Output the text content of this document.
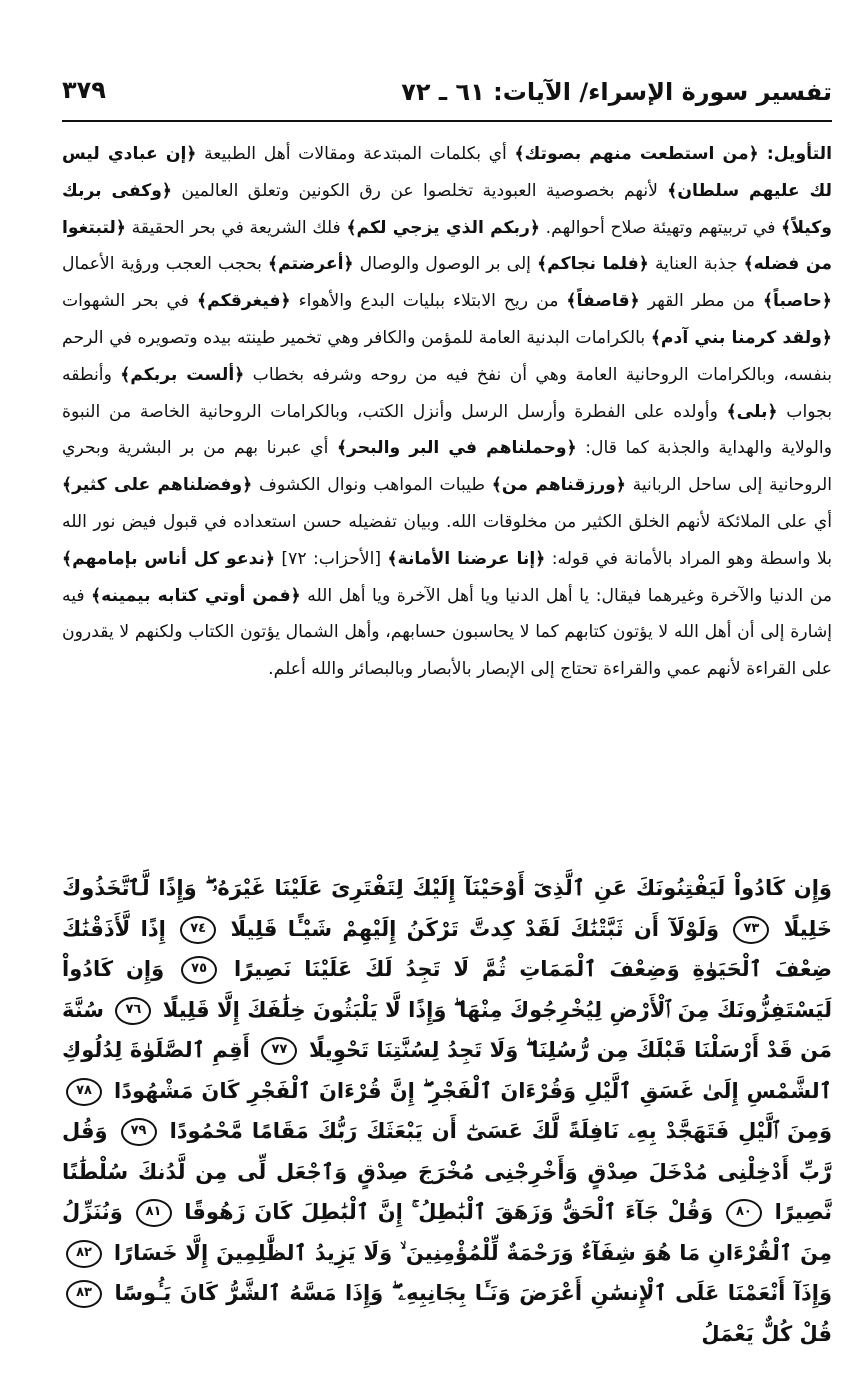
تفسير سورة الإسراء/ الآيات: ٦١ ـ ٧٢
٣٧٩

التأويل: ﴿من استطعت منهم بصوتك﴾ أي بكلمات المبتدعة ومقالات أهل الطبيعة ﴿إن عبادي ليس لك عليهم سلطان﴾ لأنهم بخصوصية العبودية تخلصوا عن رق الكونين وتعلق العالمين ﴿وكفى بربك وكيلاً﴾ في تربيتهم وتهيئة صلاح أحوالهم. ﴿ربكم الذي يزجي لكم﴾ فلك الشريعة في بحر الحقيقة ﴿لتبتغوا من فضله﴾ جذبة العناية ﴿فلما نجاكم﴾ إلى بر الوصول والوصال ﴿أعرضتم﴾ بحجب العجب ورؤية الأعمال ﴿حاصباً﴾ من مطر القهر ﴿قاصفاً﴾ من ريح الابتلاء ببليات البدع والأهواء ﴿فيغرقكم﴾ في بحر الشهوات ﴿ولقد كرمنا بني آدم﴾ بالكرامات البدنية العامة للمؤمن والكافر وهي تخمير طينته بيده وتصويره في الرحم بنفسه، وبالكرامات الروحانية العامة وهي أن نفخ فيه من روحه وشرفه بخطاب ﴿ألست بربكم﴾ وأنطقه بجواب ﴿بلى﴾ وأولده على الفطرة وأرسل الرسل وأنزل الكتب، وبالكرامات الروحانية الخاصة من النبوة والولاية والهداية والجذبة كما قال: ﴿وحملناهم في البر والبحر﴾ أي عبرنا بهم من بر البشرية وبحري الروحانية إلى ساحل الربانية ﴿ورزقناهم من﴾ طيبات المواهب ونوال الكشوف ﴿وفضلناهم على كثير﴾ أي على الملائكة لأنهم الخلق الكثير من مخلوقات الله. وبيان تفضيله حسن استعداده في قبول فيض نور الله بلا واسطة وهو المراد بالأمانة في قوله: ﴿إنا عرضنا الأمانة﴾ [الأحزاب: ٧٢] ﴿ندعو كل أناس بإمامهم﴾ من الدنيا والآخرة وغيرهما فيقال: يا أهل الدنيا ويا أهل الآخرة ويا أهل الله ﴿فمن أوتي كتابه بيمينه﴾ فيه إشارة إلى أن أهل الله لا يؤتون كتابهم كما لا يحاسبون حسابهم، وأهل الشمال يؤتون الكتاب ولكنهم لا يقدرون على القراءة لأنهم عمي والقراءة تحتاج إلى الإبصار بالأبصار وبالبصائر والله أعلم.

وَإِن كَادُواْ لَيَفْتِنُونَكَ عَنِ ٱلَّذِىٓ أَوْحَيْنَآ إِلَيْكَ لِتَفْتَرِىَ عَلَيْنَا غَيْرَهُۥ ۖ وَإِذًا لَّٱتَّخَذُوكَ خَلِيلًا ٧٣ وَلَوْلَآ أَن ثَبَّتْنَٰكَ لَقَدْ كِدتَّ تَرْكَنُ إِلَيْهِمْ شَيْـًٔا قَلِيلًا ٧٤ إِذًا لَّأَذَقْنَٰكَ ضِعْفَ ٱلْحَيَوٰةِ وَضِعْفَ ٱلْمَمَاتِ ثُمَّ لَا تَجِدُ لَكَ عَلَيْنَا نَصِيرًا ٧٥ وَإِن كَادُواْ لَيَسْتَفِزُّونَكَ مِنَ ٱلْأَرْضِ لِيُخْرِجُوكَ مِنْهَا ۖ وَإِذًا لَّا يَلْبَثُونَ خِلَٰفَكَ إِلَّا قَلِيلًا ٧٦ سُنَّةَ مَن قَدْ أَرْسَلْنَا قَبْلَكَ مِن رُّسُلِنَا ۖ وَلَا تَجِدُ لِسُنَّتِنَا تَحْوِيلًا ٧٧ أَقِمِ ٱلصَّلَوٰةَ لِدُلُوكِ ٱلشَّمْسِ إِلَىٰ غَسَقِ ٱلَّيْلِ وَقُرْءَانَ ٱلْفَجْرِ ۖ إِنَّ قُرْءَانَ ٱلْفَجْرِ كَانَ مَشْهُودًا ٧٨ وَمِنَ ٱلَّيْلِ فَتَهَجَّدْ بِهِۦ نَافِلَةً لَّكَ عَسَىٰٓ أَن يَبْعَثَكَ رَبُّكَ مَقَامًا مَّحْمُودًا ٧٩ وَقُل رَّبِّ أَدْخِلْنِى مُدْخَلَ صِدْقٍ وَأَخْرِجْنِى مُخْرَجَ صِدْقٍ وَٱجْعَل لِّى مِن لَّدُنكَ سُلْطَٰنًا نَّصِيرًا ٨٠ وَقُلْ جَآءَ ٱلْحَقُّ وَزَهَقَ ٱلْبَٰطِلُ ۚ إِنَّ ٱلْبَٰطِلَ كَانَ زَهُوقًا ٨١ وَنُنَزِّلُ مِنَ ٱلْقُرْءَانِ مَا هُوَ شِفَآءٌ وَرَحْمَةٌ لِّلْمُؤْمِنِينَ ۙ وَلَا يَزِيدُ ٱلظَّٰلِمِينَ إِلَّا خَسَارًا ٨٢ وَإِذَآ أَنْعَمْنَا عَلَى ٱلْإِنسَٰنِ أَعْرَضَ وَنَـَٔا بِجَانِبِهِۦ ۖ وَإِذَا مَسَّهُ ٱلشَّرُّ كَانَ يَـُٔوسًا ٨٣ قُلْ كُلٌّ يَعْمَلُ
